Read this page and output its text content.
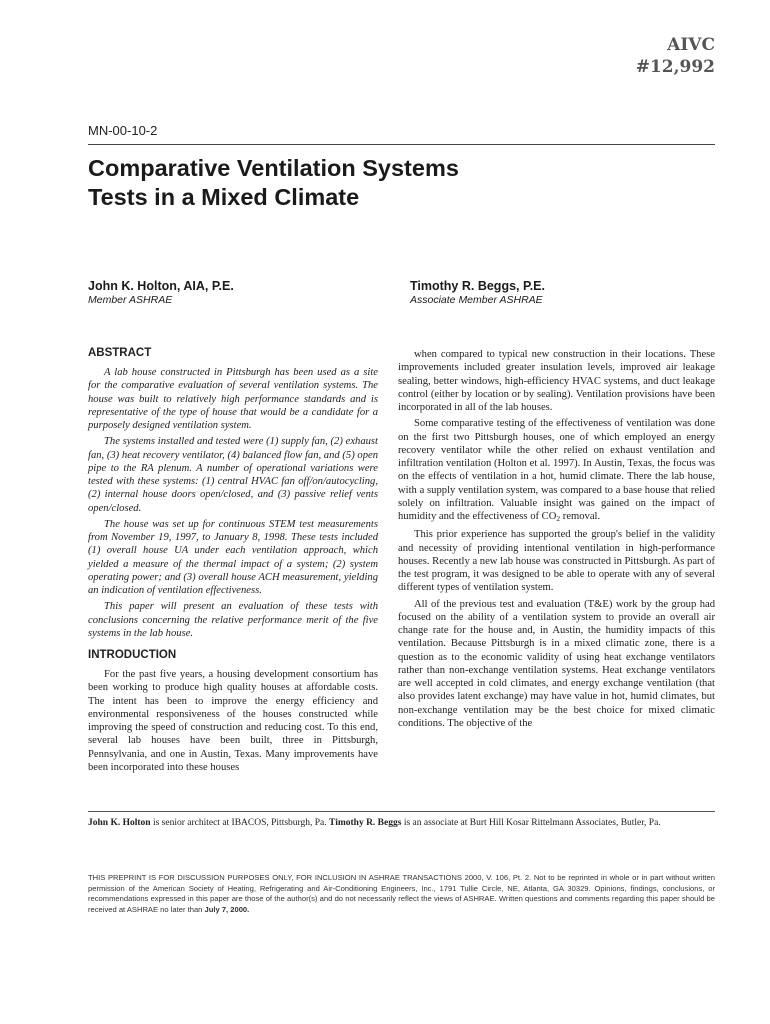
AIVC
#12,992
MN-00-10-2
Comparative Ventilation Systems Tests in a Mixed Climate
John K. Holton, AIA, P.E.
Member ASHRAE
Timothy R. Beggs, P.E.
Associate Member ASHRAE
ABSTRACT

A lab house constructed in Pittsburgh has been used as a site for the comparative evaluation of several ventilation systems. The house was built to relatively high performance standards and is representative of the type of house that would be a candidate for a purposely designed ventilation system.

The systems installed and tested were (1) supply fan, (2) exhaust fan, (3) heat recovery ventilator, (4) balanced flow fan, and (5) open pipe to the RA plenum. A number of operational variations were tested with these systems: (1) central HVAC fan off/on/autocycling, (2) internal house doors open/closed, and (3) passive relief vents open/closed.

The house was set up for continuous STEM test measurements from November 19, 1997, to January 8, 1998. These tests included (1) overall house UA under each ventilation approach, which yielded a measure of the thermal impact of a system; (2) system operating power; and (3) overall house ACH measurement, yielding an indication of ventilation effectiveness.

This paper will present an evaluation of these tests with conclusions concerning the relative performance merit of the five systems in the lab house.

INTRODUCTION

For the past five years, a housing development consortium has been working to produce high quality houses at affordable costs. The intent has been to improve the energy efficiency and environmental responsiveness of the houses constructed while improving the speed of construction and reducing cost. To this end, several lab houses have been built, three in Pittsburgh, Pennsylvania, and one in Austin, Texas. Many improvements have been incorporated into these houses

when compared to typical new construction in their locations. These improvements included greater insulation levels, improved air leakage sealing, better windows, high-efficiency HVAC systems, and duct leakage control (either by location or by sealing). Ventilation provisions have been incorporated in all of the lab houses.

Some comparative testing of the effectiveness of ventilation was done on the first two Pittsburgh houses, one of which employed an energy recovery ventilator while the other relied on exhaust ventilation and infiltration ventilation (Holton et al. 1997). In Austin, Texas, the focus was on the effects of ventilation in a hot, humid climate. There the lab house, with a supply ventilation system, was compared to a base house that relied solely on infiltration. Valuable insight was gained on the impact of humidity and the effectiveness of $CO_2$ removal.

This prior experience has supported the group's belief in the validity and necessity of providing intentional ventilation in high-performance houses. Recently a new lab house was constructed in Pittsburgh. As part of the test program, it was designed to be able to operate with any of several different types of ventilation system.

All of the previous test and evaluation (T&E) work by the group had focused on the ability of a ventilation system to provide an overall air change rate for the house and, in Austin, the humidity impacts of this ventilation. Because Pittsburgh is in a mixed climatic zone, there is a question as to the economic validity of using heat exchange ventilators rather than non-exchange ventilation systems. Heat exchange ventilators are well accepted in cold climates, and energy exchange ventilation (that also provides latent exchange) may have value in hot, humid climates, but non-exchange ventilation may be the best choice for mixed climatic conditions. The objective of the

John K. Holton is senior architect at IBACOS, Pittsburgh, Pa. Timothy R. Beggs is an associate at Burt Hill Kosar Rittelmann Associates, Butler, Pa.

THIS PREPRINT IS FOR DISCUSSION PURPOSES ONLY, FOR INCLUSION IN ASHRAE TRANSACTIONS 2000, V. 106, Pt. 2. Not to be reprinted in whole or in part without written permission of the American Society of Heating, Refrigerating and Air-Conditioning Engineers, Inc., 1791 Tullie Circle, NE, Atlanta, GA 30329. Opinions, findings, conclusions, or recommendations expressed in this paper are those of the author(s) and do not necessarily reflect the views of ASHRAE. Written questions and comments regarding this paper should be received at ASHRAE no later than July 7, 2000.
